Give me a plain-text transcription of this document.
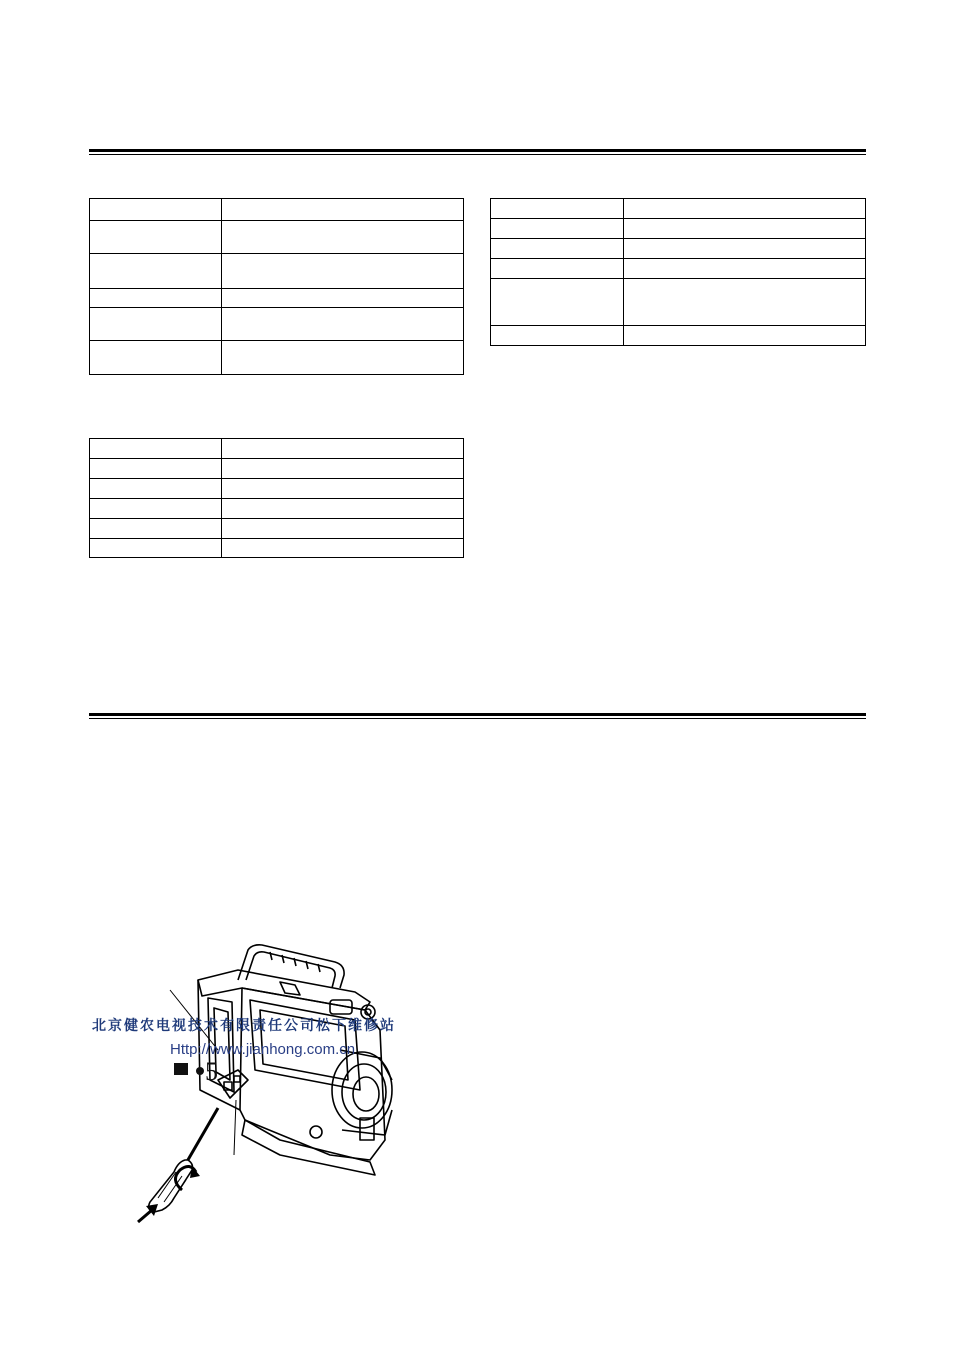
5
北京健农电视技术有限责任公司松下维修站
Http://www.jianhong.com.cn
